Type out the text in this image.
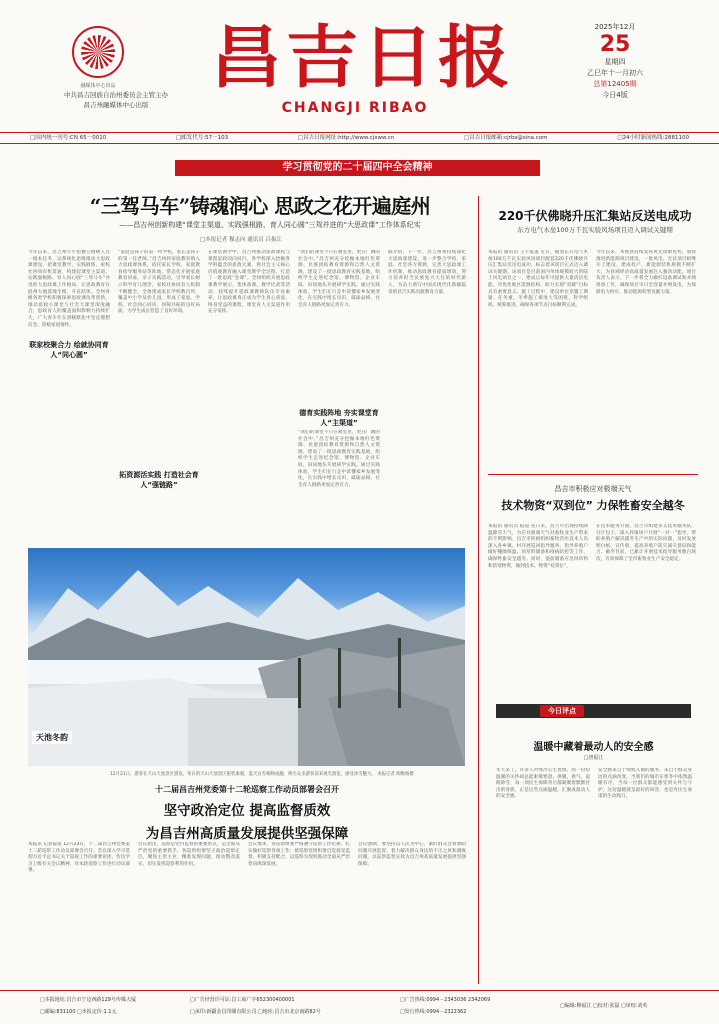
融媒体中心出品
中共昌吉回族自治州委员会主管主办
昌吉州融媒体中心出版
昌吉日报
CHANGJI RIBAO
2025年12月
25
星期四
乙巳年十一月初六
总第12405期
今日4版
□国内统一刊号:CN 65－0010	□邮发代号:57－103	□昌吉日报网址:http://www.cjxww.cn	□昌吉日报邮箱:cjrbs@sina.com	□24小时新闻热线:2881100
学习贯彻党的二十届四中全会精神
“三驾马车”铸魂润心 思政之花开遍庭州
——昌吉州创新构建“课堂主渠道、实践强根路、育人同心圆”三驾并进的“大思政课”工作体系纪实
□本报记者 穆志向 通讯员 吕振江
今年以来，昌吉州牢牢把握立德树人这一根本任务，以系统化思维推动大思政课建设，把课堂教学、实践锻炼、家校社协同有机贯通，构建起课堂主渠道、实践强根路、育人同心圆“三驾马车”并进的大思政课工作格局，让思政教育在庭州大地落地生根、开花结果。全州各级各类学校积极探索思政课改革创新，推动思政小课堂与社会大课堂深度融合，思政育人的覆盖面和影响力持续扩大，广大青少年在潜移默化中坚定理想信念、厚植家国情怀。
联家校聚合力 绘就协同育人“同心圆”
“家庭是孩子的第一所学校，家长是孩子的第一任老师。”昌吉州将家庭教育纳入大思政课体系，依托家长学校、家庭教育指导服务站等阵地，常态化开展家庭教育讲座、亲子实践活动，引导家长树立科学育儿理念，家校社协同育人机制不断健全，全州建成家长学校数百所，覆盖中小学及幼儿园，形成了家庭、学校、社会同心同向、同频共振的良好局面，为学生成长营造了良好环境。
拓资源活实践 打造社会育人“强链路”
在课堂教学中，昌吉州推动思政课程与课程思政同向同行，各学校深入挖掘各学科蕴含的思政元素，将社会主义核心价值观教育融入课堂教学全过程，打造了一批思政“金课”。全州组织开展思政课教学展示、集体备课、教学比武等活动，持续提升思政课教师队伍专业素养，让思政课真正成为学生真心喜爱、终身受益的课程，课堂育人主渠道作用充分发挥。
德育实践阵地 夯实课堂育人“主渠道”
“我们的课堂不只在教室里，更在广阔的社会中。”昌吉州充分挖掘本地红色资源、民族团结教育资源和自然人文资源，建设了一批思政教育实践基地，组织学生走进纪念馆、博物馆、企业车间、田间地头开展研学实践。通过实践体验，学生们在行走中读懂家乡发展变化，在实践中增长见识、砥砺品格，社会育人链路更加完善有力。
“我们的课堂不只在教室里，更在广阔的社会中。”昌吉州充分挖掘本地红色资源、民族团结教育资源和自然人文资源，建设了一批思政教育实践基地，组织学生走进纪念馆、博物馆、企业车间、田间地头开展研学实践。通过实践体验，学生们在行走中读懂家乡发展变化，在实践中增长见识、砥砺品格，社会育人链路更加完善有力。
据介绍，下一步，昌吉州将持续深化大思政课建设，进一步整合学校、家庭、社会各方资源，完善大思政课工作机制，推动思政教育提质增效，努力培养担当民族复兴大任的时代新人，为奋力谱写中国式现代化新疆篇章的昌吉实践贡献教育力量。
220千伏佛晓升压汇集站反送电成功
东方电气木垒100万千瓦实验风场项目迈入调试关键期
本报讯 通讯员 王宇报道 近日，随着东方电气木垒100万千瓦实验风场项目配套220千伏佛晓升压汇集站反送电成功，标志着该项目正式迈入调试关键期。该项目是目前国内单体规模较大的陆上风电项目之一，建成后每年可提供大量清洁电能，对优化地区能源结构、助力实现“双碳”目标具有重要意义。施工过程中，建设单位克服工期紧、任务重、冬季施工难度大等困难，科学组织、统筹推进，确保各项节点目标顺利完成。
今年以来，木垒县持续发挥风光资源优势，加快推进新能源项目建设，一批风电、光伏项目相继开工建设、建成投产，新能源装机规模不断扩大，为县域经济高质量发展注入强劲动能。项目负责人表示，下一步将全力做好设备调试和并网准备工作，确保项目早日全容量并网发电，为保障电力供应、推动能源转型贡献力量。
昌吉市积极应对极端天气
技术物资“双到位” 力保牲畜安全越冬
本报讯 通讯员 报道 连日来，昌吉市出现持续降温降雪天气，为应对极端天气对畜牧业生产带来的不利影响，昌吉市积极组织畜牧兽医技术人员深入各乡镇、村开展巡回指导服务，指导养殖户做好棚圈保温、饲草料储备和疫病防控等工作，确保牲畜安全越冬。同时，提前储备应急饲草料和防寒物资，做到技术、物资“双到位”。
在技术服务方面，昌吉市组建多支技术服务队，分片包干，深入养殖场户开展“一对一”指导，帮助养殖户解决越冬生产中的实际问题，及时发放明白纸、宣传册，提高养殖户防灾减灾意识和能力。截至目前，已累计开展技术指导服务数百场次，有效保障了全市畜牧业生产安全稳定。
天池冬韵
12月21日，游客在天山天池景区游览。冬日的天山天池景区银装素裹，蓝天白雪相映成趣，吸引众多游客前来观光游览，感受冰雪魅力。 本报记者 陶维杨摄
十二届昌吉州党委第十二轮巡察工作动员部署会召开
坚守政治定位 提高监督质效
为昌吉州高质量发展提供坚强保障
本报讯 记者报道 12月23日，十二届昌吉州党委第十二轮巡察工作动员部署会召开。会议深入学习贯彻习近平总书记关于巡视工作的重要论述，传达学习上级有关会议精神，对本轮巡察工作进行动员部署。
会议指出，巡察是党内监督的重要形式，是全面从严治党的重要抓手。各巡察组要坚守政治巡察定位，聚焦主责主业，精准发现问题，推动整改落实，切实发挥巡察利剑作用。
会议要求，各巡察组要严格遵守巡察工作纪律，扎实做好巡察各项工作；被巡察党组织要自觉接受监督，积极支持配合，以巡察为契机推动全面从严治党向纵深发展。
会议强调，要坚持以人民为中心，紧盯群众急难愁盼问题开展监督，着力解决群众身边的不正之风和腐败问题，以巡察监督实效为昌吉州高质量发展提供坚强保障。
今日评点
温暖中藏着最动人的安全感
□唐福江
冬天来了，许多人对寒冷心生畏惧，而一份份温暖的关怀却总能驱散寒意。供暖、供气、道路除雪，每一项民生保障背后都凝聚着默默付出的身影，正是这些点滴温暖，汇聚成最动人的安全感。
安全感来自于细致入微的服务，来自于群众身边的点滴改变。当我们的城市在寒冬中依然温暖有序，当每一位群众都能感受到关怀与守护，这份温暖就是最好的回答，也是对民生承诺的生动践行。
□本报地址:昌吉市宁边西路129号传媒大厦
□邮编:831100 □本报定价:1.1元
□广告经营许可证:昌工商广字652300400001
□承印:新疆金昌印刷有限公司 □地址:昌吉市北京南路82号
□广告热线:0994－2343036 2342069
□发行热线:0994－2322362
□编辑:穆福江 □校对:张磊 □审校:刘英
